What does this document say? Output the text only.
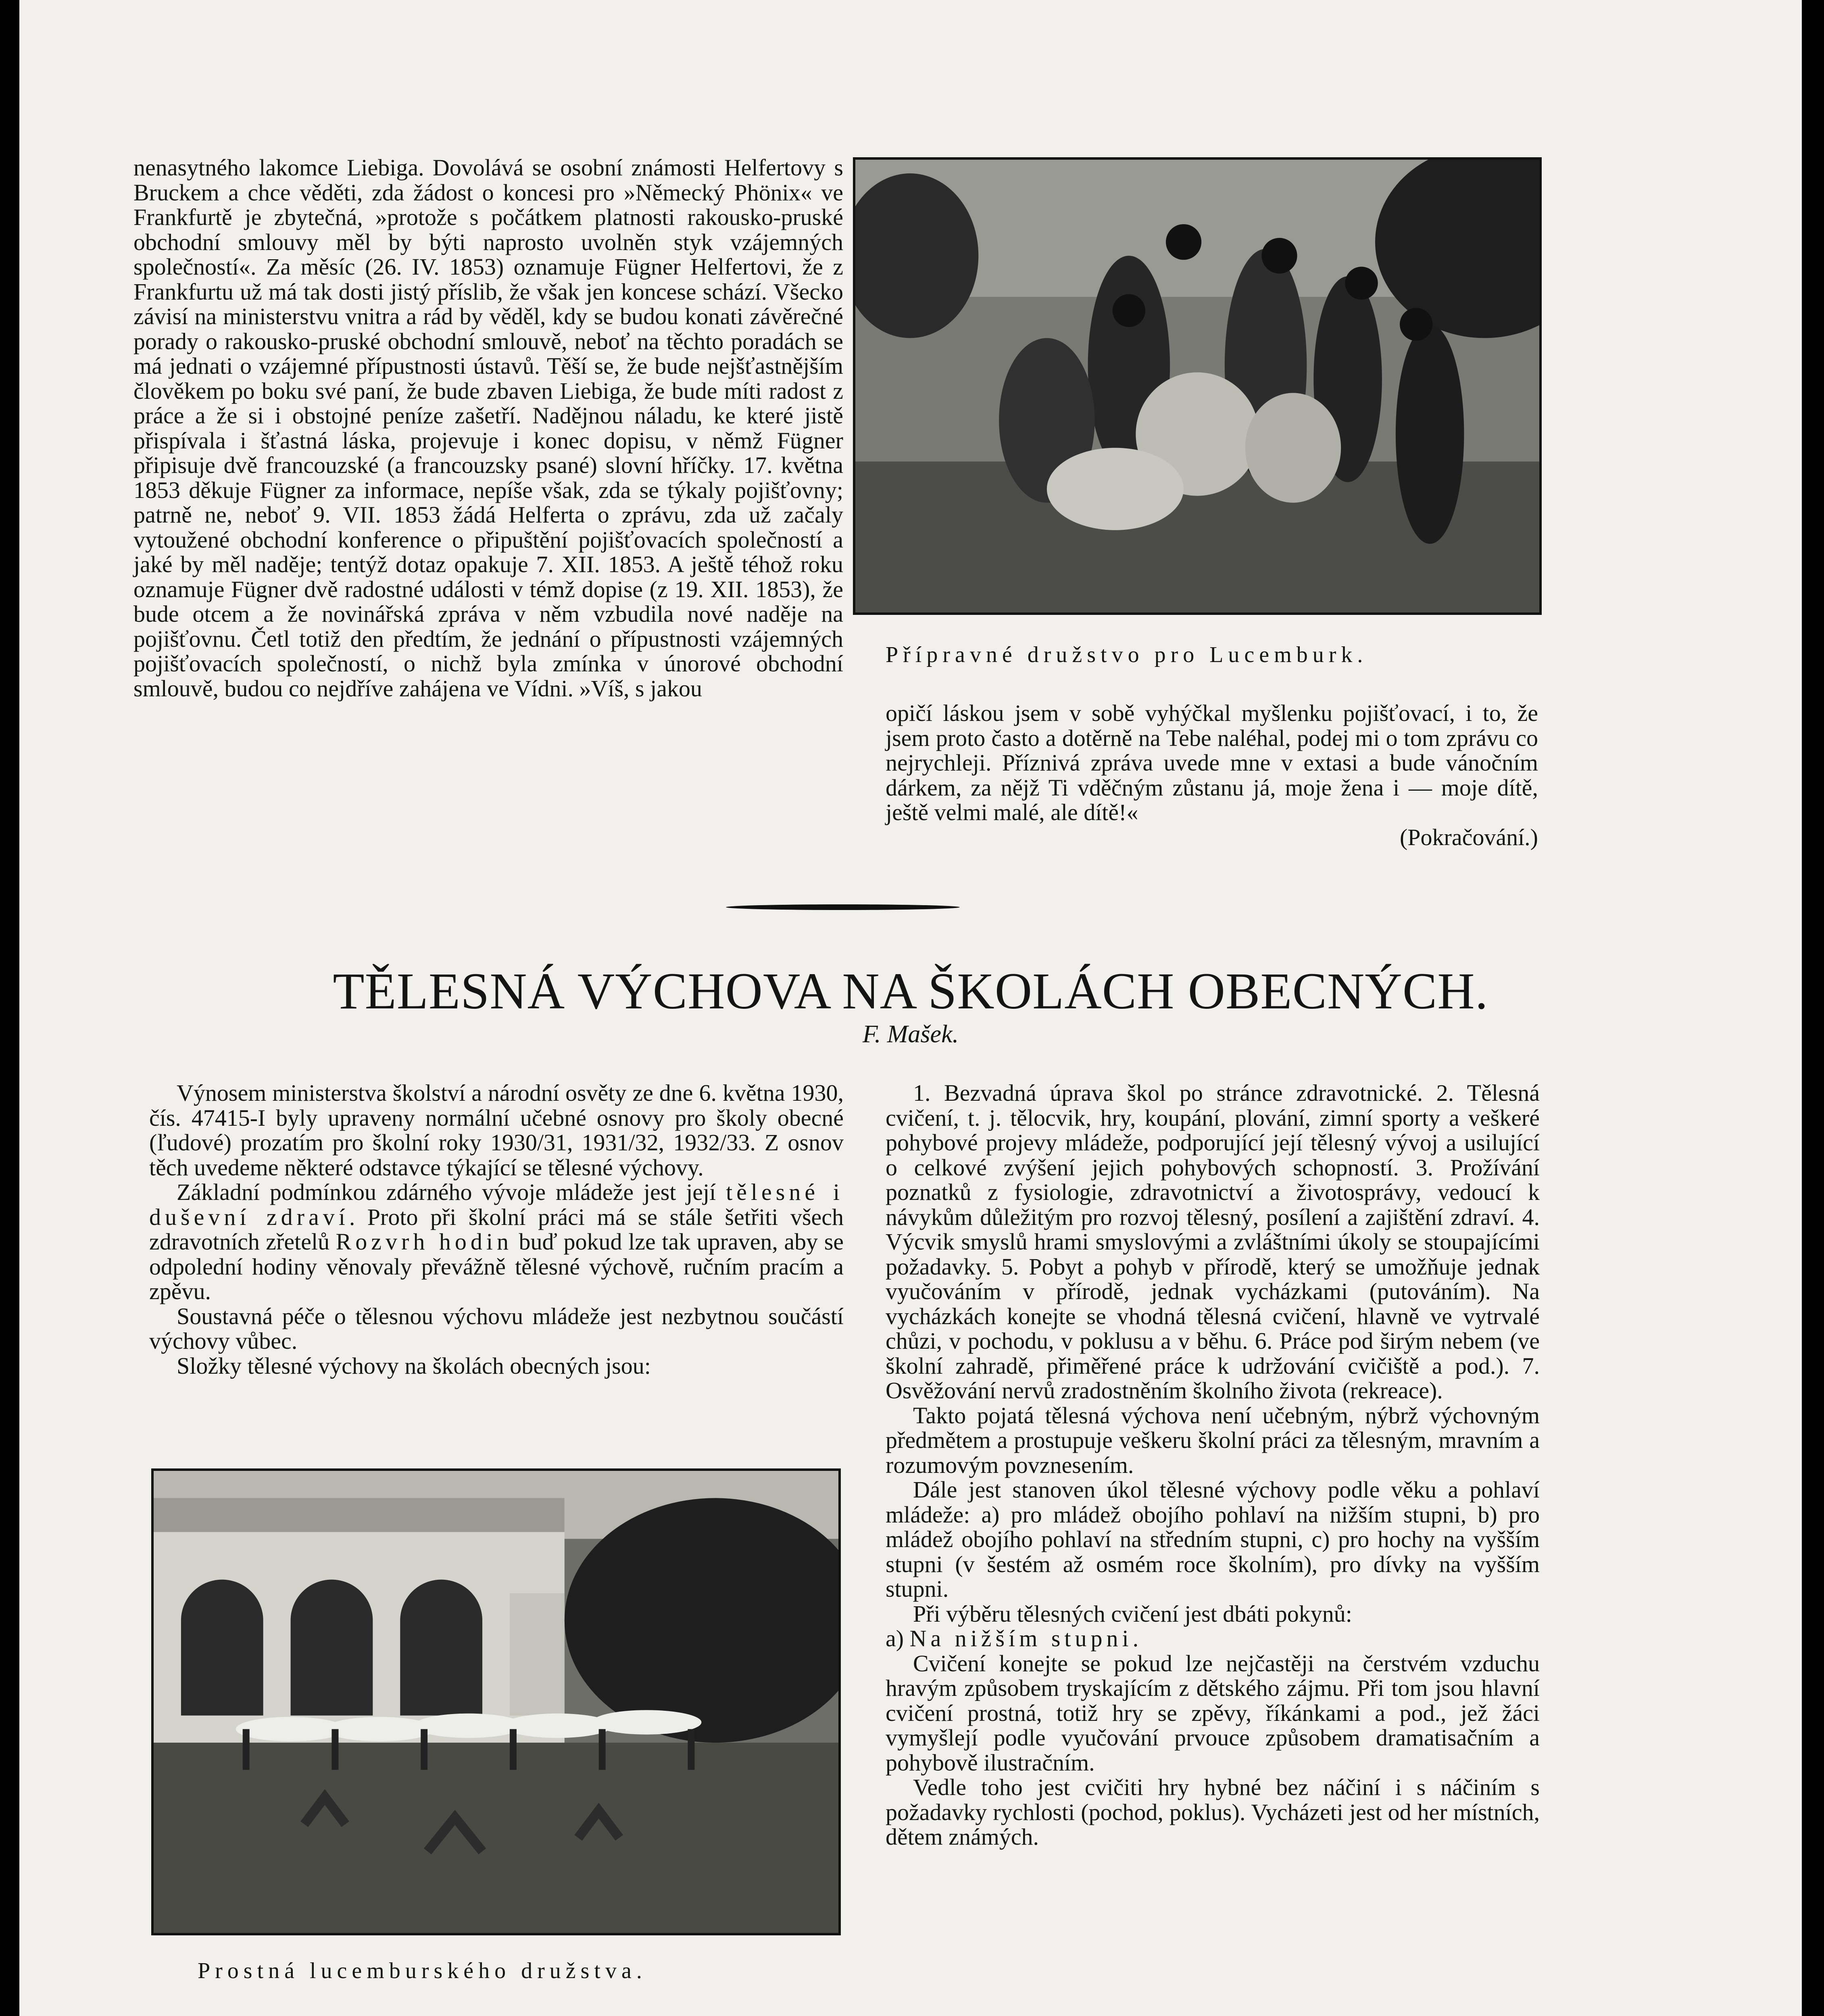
nenasytného lakomce Liebiga. Dovolává se osobní známosti Helfertovy s Bruckem a chce věděti, zda žádost o koncesi pro »Německý Phönix« ve Frankfurtě je zbytečná, »protože s počátkem platnosti rakousko-pruské obchodní smlouvy měl by býti naprosto uvolněn styk vzájemných společností«. Za měsíc (26. IV. 1853) oznamuje Fügner Helfertovi, že z Frankfurtu už má tak dosti jistý příslib, že však jen koncese schází. Všecko závisí na ministerstvu vnitra a rád by věděl, kdy se budou konati závěrečné porady o rakousko-pruské obchodní smlouvě, neboť na těchto poradách se má jednati o vzájemné přípustnosti ústavů. Těší se, že bude nejšťastnějším člověkem po boku své paní, že bude zbaven Liebiga, že bude míti radost z práce a že si i obstojné peníze zašetří. Nadějnou náladu, ke které jistě přispívala i šťastná láska, projevuje i konec dopisu, v němž Fügner připisuje dvě francouzské (a francouzsky psané) slovní hříčky. 17. května 1853 děkuje Fügner za informace, nepíše však, zda se týkaly pojišťovny; patrně ne, neboť 9. VII. 1853 žádá Helferta o zprávu, zda už začaly vytoužené obchodní konference o připuštění pojišťovacích společností a jaké by měl naděje; tentýž dotaz opakuje 7. XII. 1853. A ještě téhož roku oznamuje Fügner dvě radostné události v témž dopise (z 19. XII. 1853), že bude otcem a že novinářská zpráva v něm vzbudila nové naděje na pojišťovnu. Četl totiž den předtím, že jednání o přípustnosti vzájemných pojišťovacích společností, o nichž byla zmínka v únorové obchodní smlouvě, budou co nejdříve zahájena ve Vídni. »Víš, s jakou

Přípravné družstvo pro Lucemburk.

opičí láskou jsem v sobě vyhýčkal myšlenku pojišťovací, i to, že jsem proto často a dotěrně na Tebe naléhal, podej mi o tom zprávu co nejrychleji. Příznivá zpráva uvede mne v extasi a bude vánočním dárkem, za nějž Ti vděčným zůstanu já, moje žena i — moje dítě, ještě velmi malé, ale dítě!«

(Pokračování.)

TĚLESNÁ VÝCHOVA NA ŠKOLÁCH OBECNÝCH.
F. Mašek.

Výnosem ministerstva školství a národní osvěty ze dne 6. května 1930, čís. 47415-I byly upraveny normální učebné osnovy pro školy obecné (ľudové) prozatím pro školní roky 1930/31, 1931/32, 1932/33. Z osnov těch uvedeme některé odstavce týkající se tělesné výchovy.

Základní podmínkou zdárného vývoje mládeže jest její tělesné i duševní zdraví. Proto při školní práci má se stále šetřiti všech zdravotních zřetelů Rozvrh hodin buď pokud lze tak upraven, aby se odpolední hodiny věnovaly převážně tělesné výchově, ručním pracím a zpěvu.

Soustavná péče o tělesnou výchovu mládeže jest nezbytnou součástí výchovy vůbec.

Složky tělesné výchovy na školách obecných jsou:

Prostná lucemburského družstva.

1. Bezvadná úprava škol po stránce zdravotnické. 2. Tělesná cvičení, t. j. tělocvik, hry, koupání, plování, zimní sporty a veškeré pohybové projevy mládeže, podporující její tělesný vývoj a usilující o celkové zvýšení jejich pohybových schopností. 3. Prožívání poznatků z fysiologie, zdravotnictví a životosprávy, vedoucí k návykům důležitým pro rozvoj tělesný, posílení a zajištění zdraví. 4. Výcvik smyslů hrami smyslovými a zvláštními úkoly se stoupajícími požadavky. 5. Pobyt a pohyb v přírodě, který se umožňuje jednak vyučováním v přírodě, jednak vycházkami (putováním). Na vycházkách konejte se vhodná tělesná cvičení, hlavně ve vytrvalé chůzi, v pochodu, v poklusu a v běhu. 6. Práce pod širým nebem (ve školní zahradě, přiměřené práce k udržování cvičiště a pod.). 7. Osvěžování nervů zradostněním školního života (rekreace).

Takto pojatá tělesná výchova není učebným, nýbrž výchovným předmětem a prostupuje veškeru školní práci za tělesným, mravním a rozumovým povznesením.

Dále jest stanoven úkol tělesné výchovy podle věku a pohlaví mládeže: a) pro mládež obojího pohlaví na nižším stupni, b) pro mládež obojího pohlaví na středním stupni, c) pro hochy na vyšším stupni (v šestém až osmém roce školním), pro dívky na vyšším stupni.

Při výběru tělesných cvičení jest dbáti pokynů:

a) Na nižším stupni.

Cvičení konejte se pokud lze nejčastěji na čerstvém vzduchu hravým způsobem tryskajícím z dětského zájmu. Při tom jsou hlavní cvičení prostná, totiž hry se zpěvy, říkánkami a pod., jež žáci vymyšlejí podle vyučování prvouce způsobem dramatisačním a pohybově ilustračním.

Vedle toho jest cvičiti hry hybné bez náčiní i s náčiním s požadavky rychlosti (pochod, poklus). Vycházeti jest od her místních, dětem známých.
